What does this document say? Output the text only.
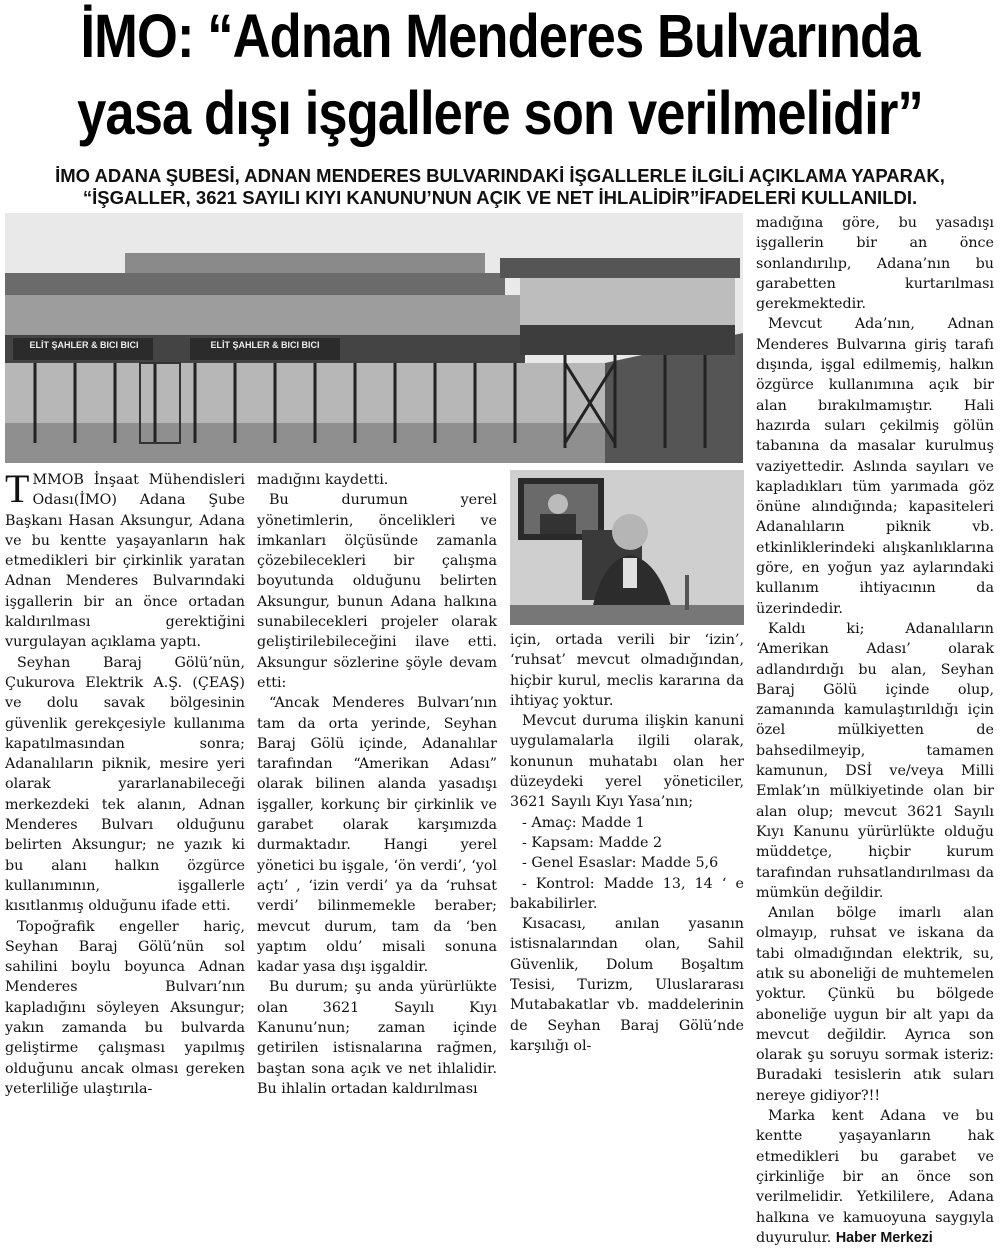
İMO: “Adnan Menderes Bulvarında
yasa dışı işgallere son verilmelidir”
İMO ADANA ŞUBESİ, ADNAN MENDERES BULVARINDAKİ İŞGALLERLE İLGİLİ AÇIKLAMA YAPARAK,
“İŞGALLER, 3621 SAYILI KIYI KANUNU’NUN AÇIK VE NET İHLALİDİR”İFADELERİ KULLANILDI.
ELİT ŞAHLER & BICI BICI	ELİT ŞAHLER & BICI BICI

TMMOB İnşaat Mühendisleri Odası(İMO) Adana Şube Başkanı Hasan Aksungur, Adana ve bu kentte yaşayanların hak etmedikleri bir çirkinlik yaratan Adnan Menderes Bulvarındaki işgallerin bir an önce ortadan kaldırılması gerektiğini vurgulayan açıklama yaptı.

Seyhan Baraj Gölü’nün, Çukurova Elektrik A.Ş. (ÇEAŞ) ve dolu savak bölgesinin güvenlik gerekçesiyle kullanıma kapatılmasından sonra; Adanalıların piknik, mesire yeri olarak yararlanabileceği merkezdeki tek alanın, Adnan Menderes Bulvarı olduğunu belirten Aksungur; ne yazık ki bu alanı halkın özgürce kullanımının, işgallerle kısıtlanmış olduğunu ifade etti.

Topoğrafik engeller hariç, Seyhan Baraj Gölü’nün sol sahilini boylu boyunca Adnan Menderes Bulvarı’nın kapladığını söyleyen Aksungur; yakın zamanda bu bulvarda geliştirme çalışması yapılmış olduğunu ancak olması gereken yeterliliğe ulaştırıla-

madığını kaydetti.

Bu durumun yerel yönetimlerin, öncelikleri ve imkanları ölçüsünde zamanla çözebilecekleri bir çalışma boyutunda olduğunu belirten Aksungur, bunun Adana halkına sunabilecekleri projeler olarak geliştirilebileceğini ilave etti. Aksungur sözlerine şöyle devam etti:

“Ancak Menderes Bulvarı’nın tam da orta yerinde, Seyhan Baraj Gölü içinde, Adanalılar tarafından “Amerikan Adası” olarak bilinen alanda yasadışı işgaller, korkunç bir çirkinlik ve garabet olarak karşımızda durmaktadır. Hangi yerel yönetici bu işgale, ‘ön verdi’, ‘yol açtı’ , ‘izin verdi’ ya da ‘ruhsat verdi’ bilinmemekle beraber; mevcut durum, tam da ‘ben yaptım oldu’ misali sonuna kadar yasa dışı işgaldir.

Bu durum; şu anda yürürlükte olan 3621 Sayılı Kıyı Kanunu’nun; zaman içinde getirilen istisnalarına rağmen, baştan sona açık ve net ihlalidir. Bu ihlalin ortadan kaldırılması

için, ortada verili bir ‘izin’, ‘ruhsat’ mevcut olmadığından, hiçbir kurul, meclis kararına da ihtiyaç yoktur.

Mevcut duruma ilişkin kanuni uygulamalarla ilgili olarak, konunun muhatabı olan her düzeydeki yerel yöneticiler, 3621 Sayılı Kıyı Yasa’nın;

- Amaç: Madde 1

- Kapsam: Madde 2

- Genel Esaslar: Madde 5,6

- Kontrol: Madde 13, 14 ‘ e bakabilirler.

Kısacası, anılan yasanın istisnalarından olan, Sahil Güvenlik, Dolum Boşaltım Tesisi, Turizm, Uluslararası Mutabakatlar vb. maddelerinin de Seyhan Baraj Gölü’nde karşılığı ol-

madığına göre, bu yasadışı işgallerin bir an önce sonlandırılıp, Adana’nın bu garabetten kurtarılması gerekmektedir.

Mevcut Ada’nın, Adnan Menderes Bulvarına giriş tarafı dışında, işgal edilmemiş, halkın özgürce kullanımına açık bir alan bırakılmamıştır. Hali hazırda suları çekilmiş gölün tabanına da masalar kurulmuş vaziyettedir. Aslında sayıları ve kapladıkları tüm yarımada göz önüne alındığında; kapasiteleri Adanalıların piknik vb. etkinliklerindeki alışkanlıklarına göre, en yoğun yaz aylarındaki kullanım ihtiyacının da üzerindedir.

Kaldı ki; Adanalıların ‘Amerikan Adası’ olarak adlandırdığı bu alan, Seyhan Baraj Gölü içinde olup, zamanında kamulaştırıldığı için özel mülkiyetten de bahsedilmeyip, tamamen kamunun, DSİ ve/veya Milli Emlak’ın mülkiyetinde olan bir alan olup; mevcut 3621 Sayılı Kıyı Kanunu yürürlükte olduğu müddetçe, hiçbir kurum tarafından ruhsatlandırılması da mümkün değildir.

Anılan bölge imarlı alan olmayıp, ruhsat ve iskana da tabi olmadığından elektrik, su, atık su aboneliği de muhtemelen yoktur. Çünkü bu bölgede aboneliğe uygun bir alt yapı da mevcut değildir. Ayrıca son olarak şu soruyu sormak isteriz: Buradaki tesislerin atık suları nereye gidiyor?!!

Marka kent Adana ve bu kentte yaşayanların hak etmedikleri bu garabet ve çirkinliğe bir an önce son verilmelidir. Yetkililere, Adana halkına ve kamuoyuna saygıyla duyurulur. Haber Merkezi
